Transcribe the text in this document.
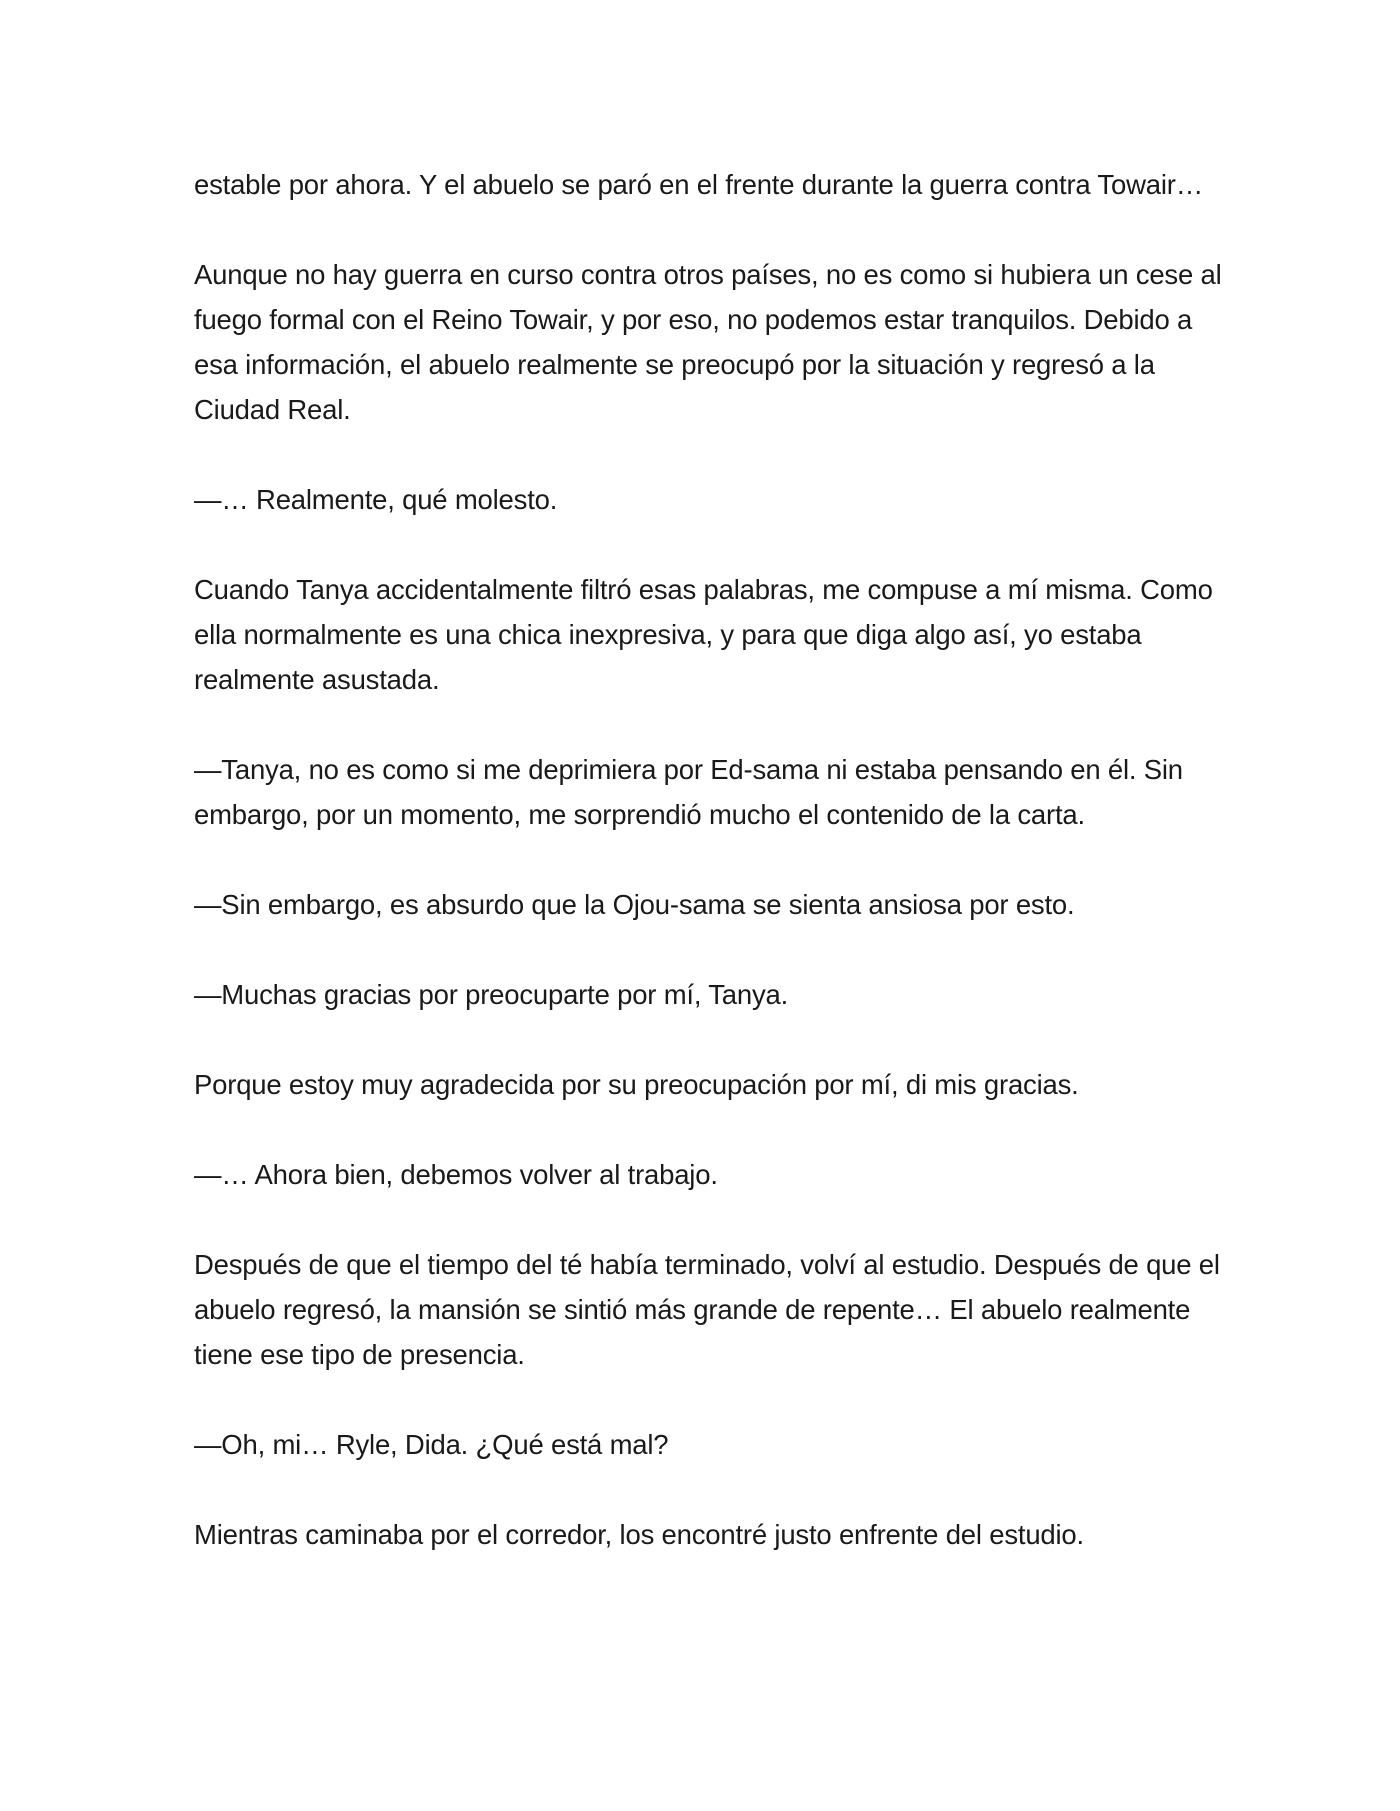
estable por ahora. Y el abuelo se paró en el frente durante la guerra contra Towair…

Aunque no hay guerra en curso contra otros países, no es como si hubiera un cese al fuego formal con el Reino Towair, y por eso, no podemos estar tranquilos. Debido a esa información, el abuelo realmente se preocupó por la situación y regresó a la Ciudad Real.

—… Realmente, qué molesto.

Cuando Tanya accidentalmente filtró esas palabras, me compuse a mí misma. Como ella normalmente es una chica inexpresiva, y para que diga algo así, yo estaba realmente asustada.

—Tanya, no es como si me deprimiera por Ed-sama ni estaba pensando en él. Sin embargo, por un momento, me sorprendió mucho el contenido de la carta.

—Sin embargo, es absurdo que la Ojou-sama se sienta ansiosa por esto.

—Muchas gracias por preocuparte por mí, Tanya.

Porque estoy muy agradecida por su preocupación por mí, di mis gracias.

—… Ahora bien, debemos volver al trabajo.

Después de que el tiempo del té había terminado, volví al estudio. Después de que el abuelo regresó, la mansión se sintió más grande de repente… El abuelo realmente tiene ese tipo de presencia.

—Oh, mi… Ryle, Dida. ¿Qué está mal?

Mientras caminaba por el corredor, los encontré justo enfrente del estudio.
